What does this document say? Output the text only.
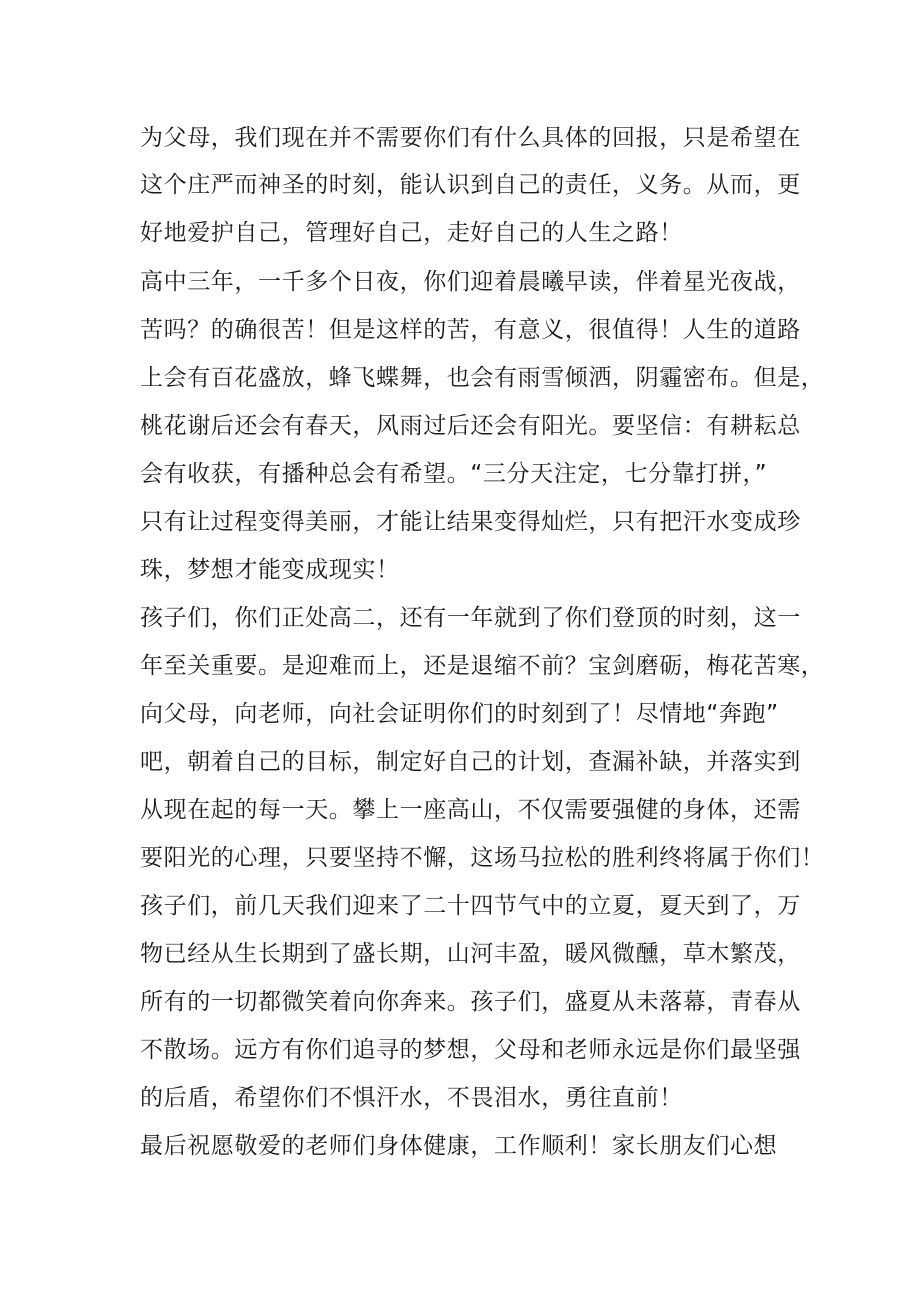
为父母，我们现在并不需要你们有什么具体的回报，只是希望在
这个庄严而神圣的时刻，能认识到自己的责任，义务。从而，更
好地爱护自己，管理好自己，走好自己的人生之路！
高中三年，一千多个日夜，你们迎着晨曦早读，伴着星光夜战，
苦吗？的确很苦！但是这样的苦，有意义，很值得！人生的道路
上会有百花盛放，蜂飞蝶舞，也会有雨雪倾洒，阴霾密布。但是，
桃花谢后还会有春天，风雨过后还会有阳光。要坚信：有耕耘总
会有收获，有播种总会有希望。“三分天注定，七分靠打拼，”
只有让过程变得美丽，才能让结果变得灿烂，只有把汗水变成珍
珠，梦想才能变成现实！
孩子们，你们正处高二，还有一年就到了你们登顶的时刻，这一
年至关重要。是迎难而上，还是退缩不前？宝剑磨砺，梅花苦寒，
向父母，向老师，向社会证明你们的时刻到了！尽情地“奔跑”
吧，朝着自己的目标，制定好自己的计划，查漏补缺，并落实到
从现在起的每一天。攀上一座高山，不仅需要强健的身体，还需
要阳光的心理，只要坚持不懈，这场马拉松的胜利终将属于你们！
孩子们，前几天我们迎来了二十四节气中的立夏，夏天到了，万
物已经从生长期到了盛长期，山河丰盈，暖风微醺，草木繁茂，
所有的一切都微笑着向你奔来。孩子们，盛夏从未落幕，青春从
不散场。远方有你们追寻的梦想，父母和老师永远是你们最坚强
的后盾，希望你们不惧汗水，不畏泪水，勇往直前！
最后祝愿敬爱的老师们身体健康，工作顺利！家长朋友们心想
